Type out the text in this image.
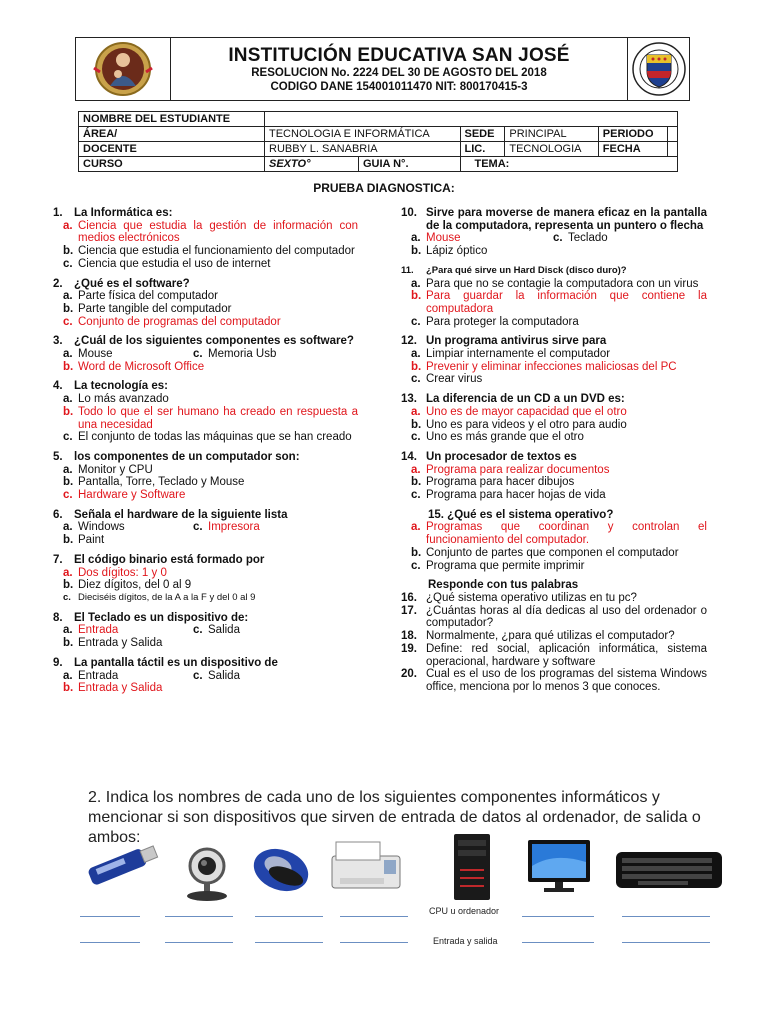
INSTITUCIÓN EDUCATIVA SAN JOSÉ
RESOLUCION No. 2224 DEL 30 DE AGOSTO DEL 2018
CODIGO DANE 154001011470 NIT: 800170415-3
NOMBRE DEL ESTUDIANTE						
ÁREA/	TECNOLOGIA E INFORMÁTICA		SEDE	PRINCIPAL	PERIODO	
DOCENTE	RUBBY L. SANABRIA		LIC.	TECNOLOGIA	FECHA	
CURSO	SEXTO°	GUIA N°.	TEMA:			
PRUEBA DIAGNOSTICA:
1. La Informática es:
a. Ciencia que estudia la gestión de información con medios electrónicos
b. Ciencia que estudia el funcionamiento del computador
c. Ciencia que estudia el uso de internet
2. ¿Qué es el software?
a. Parte física del computador
b. Parte tangible del computador
c. Conjunto de programas del computador
3. ¿Cuál de los siguientes componentes es software?
a. Mouse	c. Memoria Usb
b. Word de Microsoft Office
4. La tecnología es:
a. Lo más avanzado
b. Todo lo que el ser humano ha creado en respuesta a una necesidad
c. El conjunto de todas las máquinas que se han creado
5. los componentes de un computador son:
a. Monitor y CPU
b. Pantalla, Torre, Teclado y Mouse
c. Hardware y Software
6. Señala el hardware de la siguiente lista
a. Windows	c. Impresora
b. Paint
7. El código binario está formado por
a. Dos dígitos: 1 y 0
b. Diez dígitos, del 0 al 9
c. Dieciséis dígitos, de la A a la F y del 0 al 9
8. El Teclado es un dispositivo de:
a. Entrada	c. Salida
b. Entrada y Salida
9. La pantalla táctil es un dispositivo de
a. Entrada	c. Salida
b. Entrada y Salida
10. Sirve para moverse de manera eficaz en la pantalla de la computadora, representa un puntero o flecha
a. Mouse	c. Teclado
b. Lápiz óptico
11.	¿Para qué sirve un Hard Disck (disco duro)?
a. Para que no se contagie la computadora con un virus
b. Para guardar la información que contiene la computadora
c. Para proteger la computadora
12. Un programa antivirus sirve para
a. Limpiar internamente el computador
b. Prevenir y eliminar infecciones maliciosas del PC
c. Crear virus
13. La diferencia de un CD a un DVD es:
a. Uno es de mayor capacidad que el otro
b. Uno es para videos y el otro para audio
c. Uno es más grande que el otro
14. Un procesador de textos es
a. Programa para realizar documentos
b. Programa para hacer dibujos
c. Programa para hacer hojas de vida
15. ¿Qué es el sistema operativo?
a. Programas que coordinan y controlan el funcionamiento del computador.
b. Conjunto de partes que componen el computador
c. Programa que permite imprimir
Responde con tus palabras
16. ¿Qué sistema operativo utilizas en tu pc?
17. ¿Cuántas horas al día dedicas al uso del ordenador o computador?
18. Normalmente, ¿para qué utilizas el computador?
19. Define: red social, aplicación informática, sistema operacional, hardware y software
20. Cual es el uso de los programas del sistema Windows office, menciona por lo menos 3 que conoces.
2. Indica los nombres de cada uno de los siguientes componentes informáticos y mencionar si son dispositivos que sirven de entrada de datos al ordenador, de salida o ambos:
CPU u ordenador
Entrada y salida
